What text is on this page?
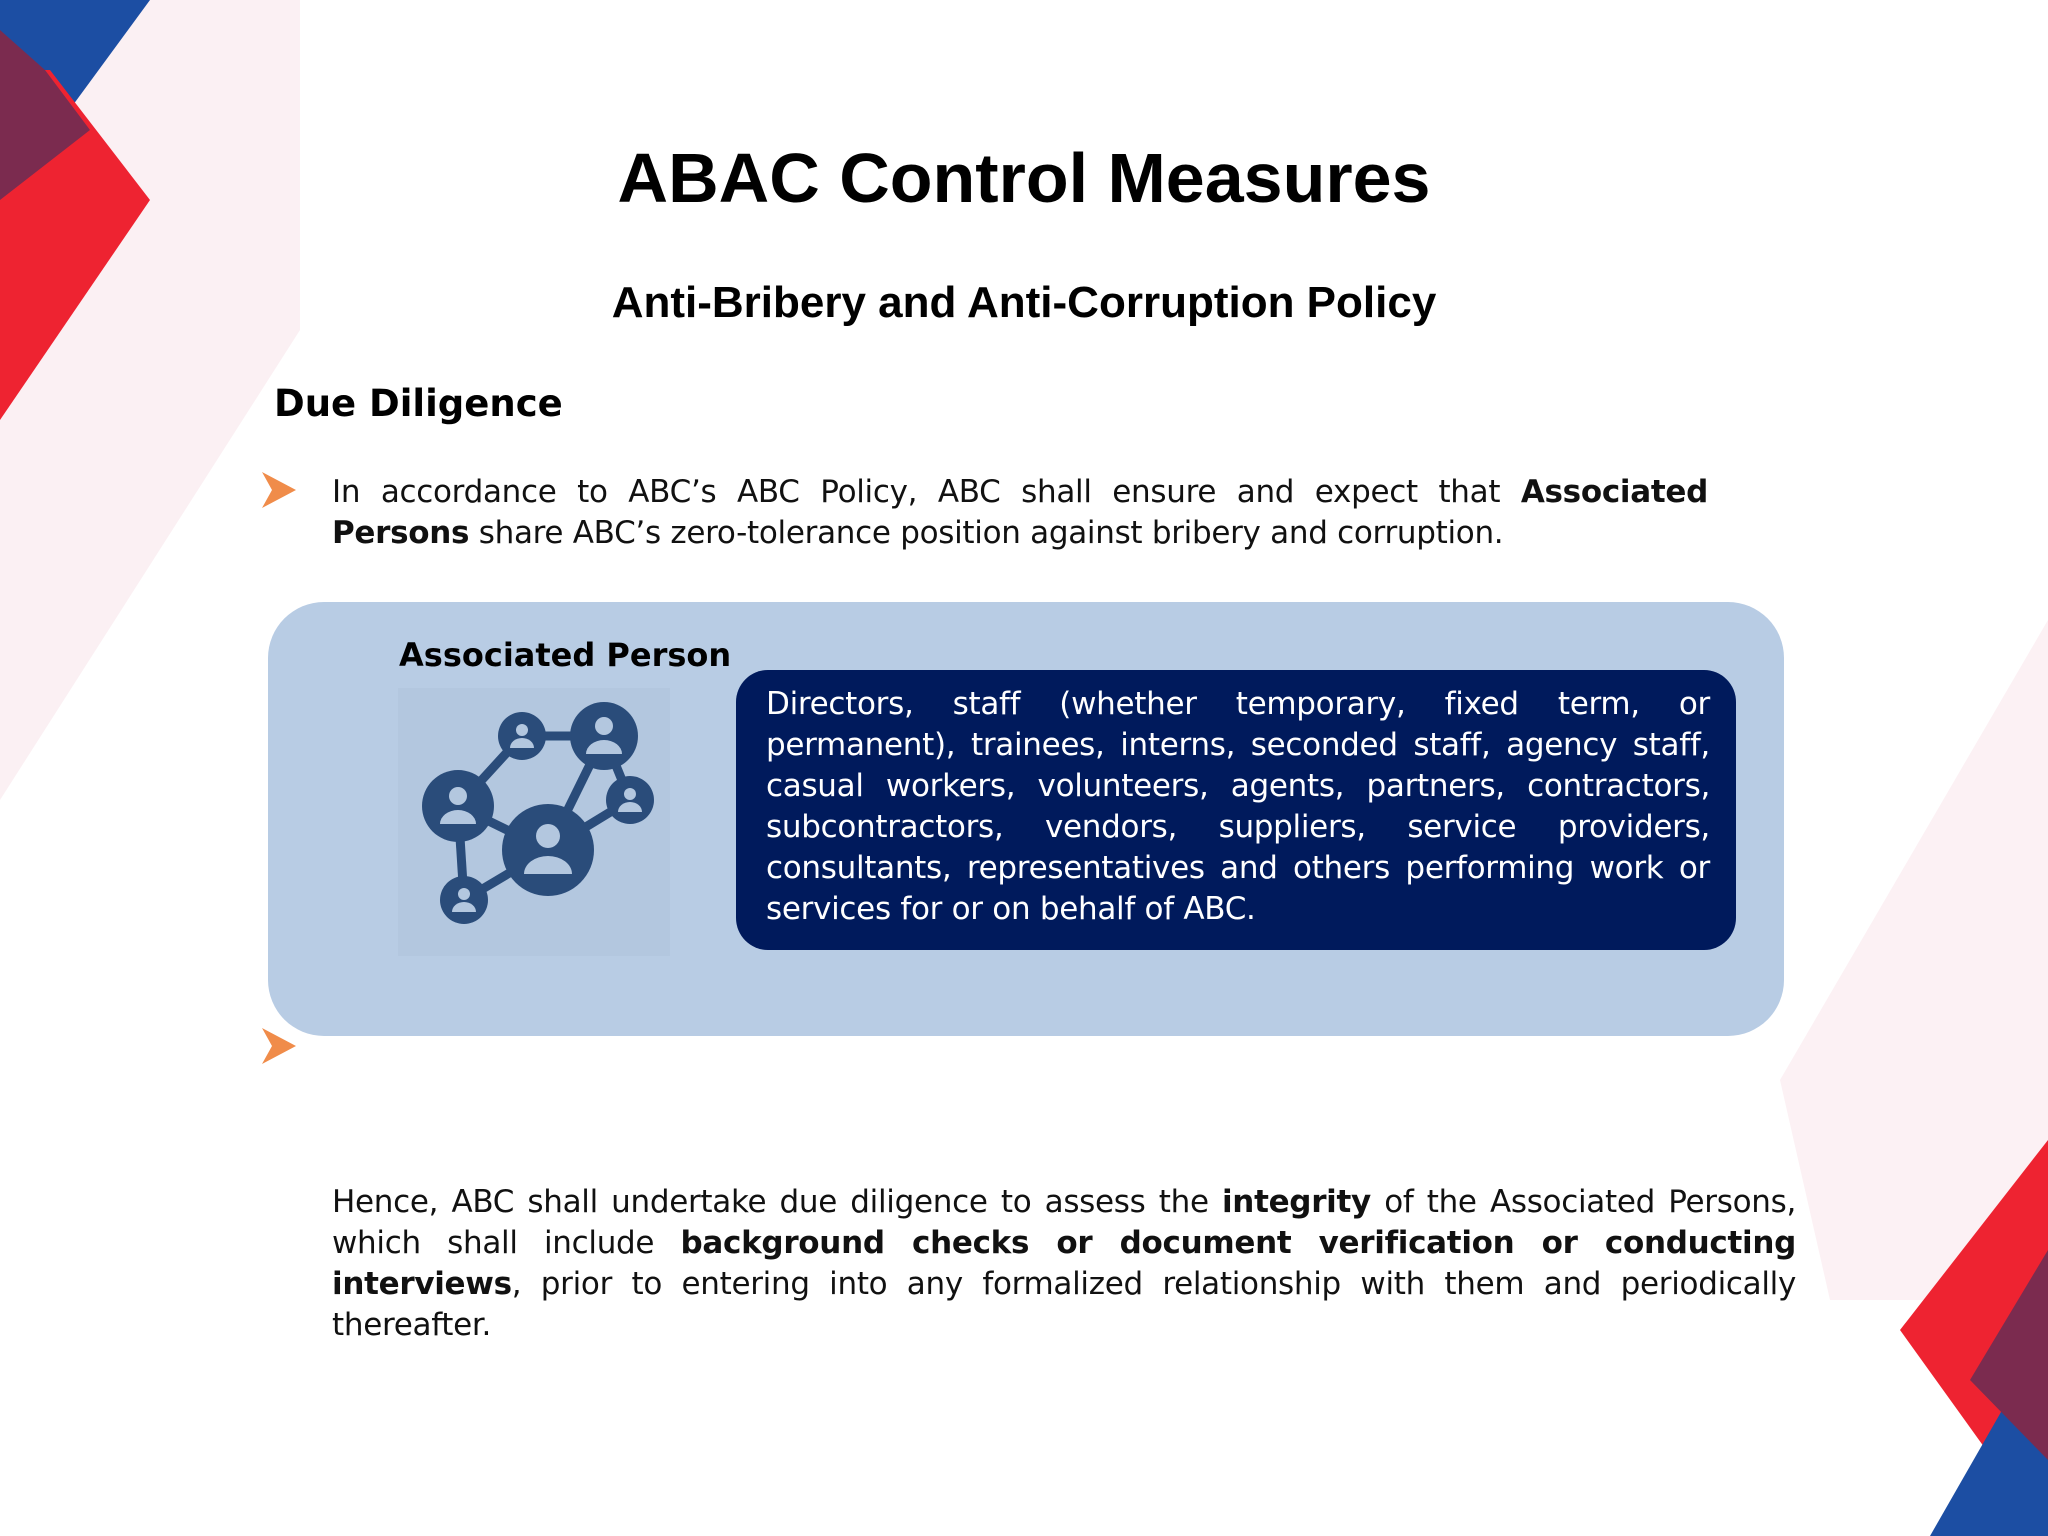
ABAC Control Measures
Anti-Bribery and Anti-Corruption Policy
Due Diligence
In accordance to ABC’s ABC Policy, ABC shall ensure and expect that Associated Persons share ABC’s zero-tolerance position against bribery and corruption.
Associated Person
Directors, staff (whether temporary, fixed term, or permanent), trainees, interns, seconded staff, agency staff, casual workers, volunteers, agents, partners, contractors, subcontractors, vendors, suppliers, service providers, consultants, representatives and others performing work or services for or on behalf of ABC.
Hence, ABC shall undertake due diligence to assess the integrity of the Associated Persons, which shall include background checks or document verification or conducting interviews, prior to entering into any formalized relationship with them and periodically thereafter.
